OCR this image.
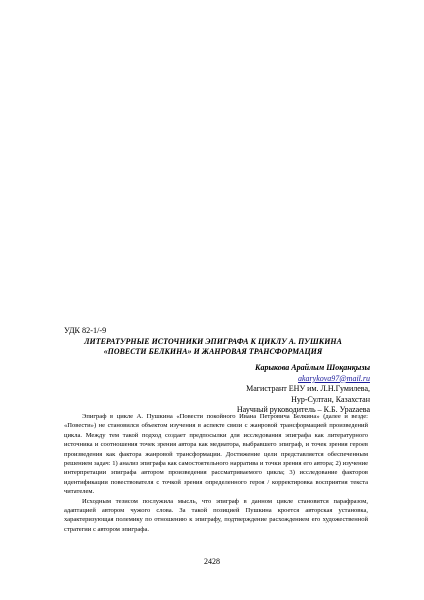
УДК 82-1/-9
ЛИТЕРАТУРНЫЕ ИСТОЧНИКИ ЭПИГРАФА К ЦИКЛУ А. ПУШКИНА
«ПОВЕСТИ БЕЛКИНА» И ЖАНРОВАЯ ТРАНСФОРМАЦИЯ
Карыкова Арайлым Шоқанқызы
akarykova97@mail.ru
Магистрант ЕНУ им. Л.Н.Гумилева,
Нур-Султан, Казахстан
Научный руководитель – К.Б. Урazаева

Эпиграф в цикле А. Пушкина «Повести покойного Ивана Петровича Белкина» (далее и везде: «Повести») не становился объектом изучения в аспекте связи с жанровой трансформацией произведений цикла. Между тем такой подход создает предпосылки для исследования эпиграфа как литературного источника и соотношения точек зрения автора как медиатора, выбравшего эпиграф, и точек зрения героев произведения как фактора жанровой трансформации. Достижение цели представляется обеспеченным решением задач: 1) анализ эпиграфа как самостоятельного нарратива и точки зрения его автора; 2) изучение интерпретации эпиграфа автором произведения рассматриваемого цикла; 3) исследование факторов идентификации повествователя с точкой зрения определенного героя / корректировка восприятия текста читателем.

Исходным тезисом послужила мысль, что эпиграф в данном цикле становится парафразом, адаптацией автором чужого слова. За такой позицией Пушкина кроется авторская установка, характеризующая полемику по отношению к эпиграфу, подтверждение расхождением его художественной стратегии с автором эпиграфа.

2428
